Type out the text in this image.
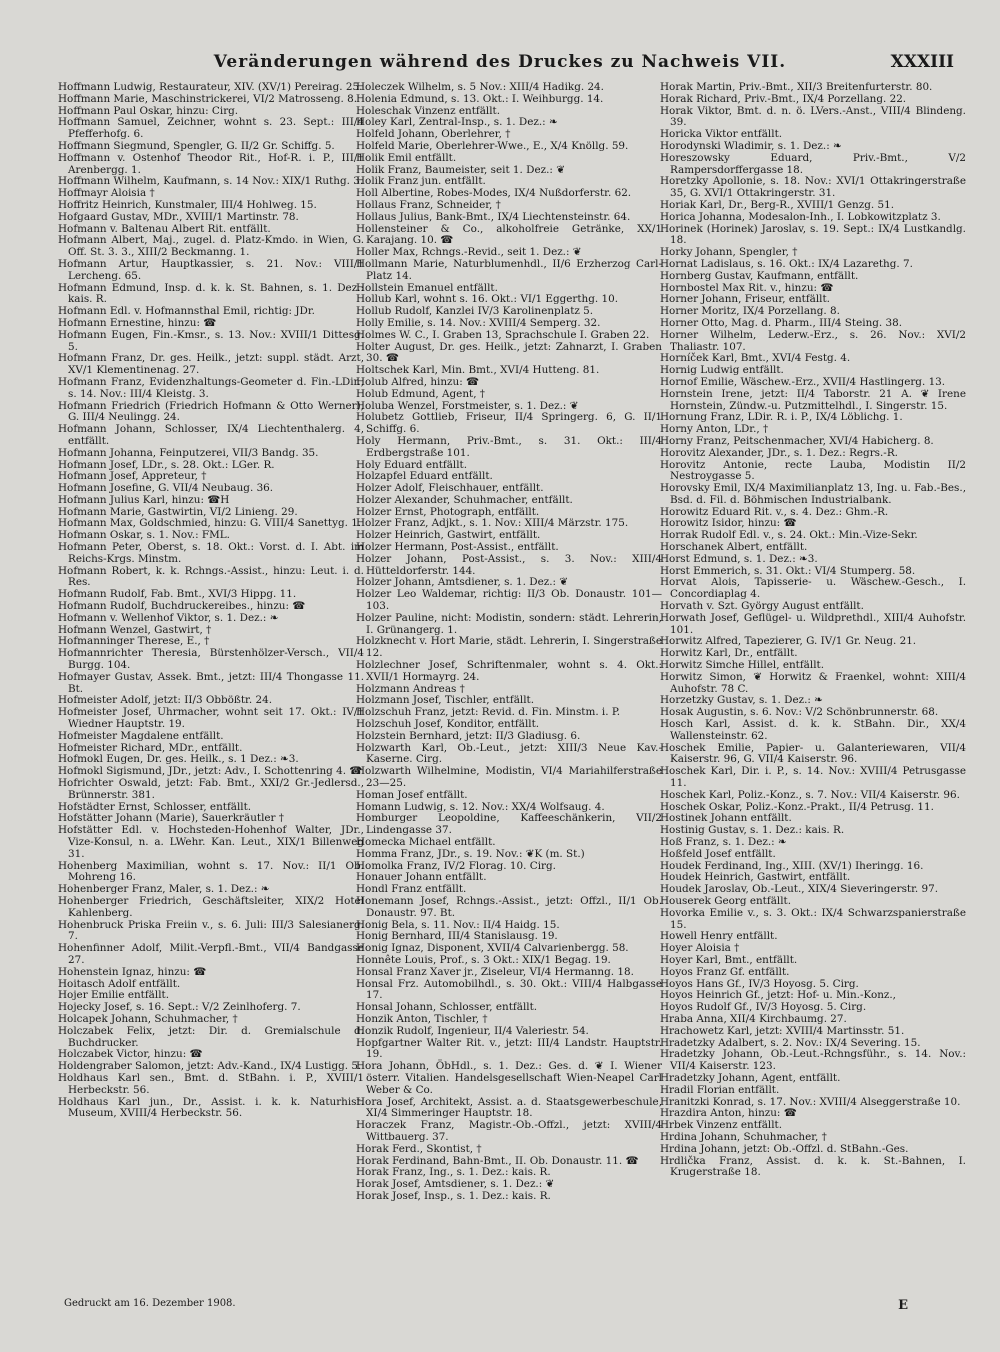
Veränderungen während des Druckes zu Nachweis VII.	XXXIII

Hoffmann Ludwig, Restaurateur, XIV. (XV/1) Pereirag. 25.

Hoffmann Marie, Maschinstrickerei, VI/2 Matrosseng. 8.

Hoffmann Paul Oskar, hinzu: Cirg.

Hoffmann Samuel, Zeichner, wohnt s. 23. Sept.: III/4 Pfefferhofg. 6.

Hoffmann Siegmund, Spengler, G. II/2 Gr. Schiffg. 5.

Hoffmann v. Ostenhof Theodor Rit., Hof-R. i. P., III/1 Arenbergg. 1.

Hoffmann Wilhelm, Kaufmann, s. 14 Nov.: XIX/1 Ruthg. 3.

Hoffmayr Aloisia †

Hoffritz Heinrich, Kunstmaler, III/4 Hohlweg. 15.

Hofgaard Gustav, MDr., XVIII/1 Martinstr. 78.

Hofmann v. Baltenau Albert Rit. entfällt.

Hofmann Albert, Maj., zugel. d. Platz-Kmdo. in Wien, G. Off. St. 3. 3., XIII/2 Beckmanng. 1.

Hofmann Artur, Hauptkassier, s. 21. Nov.: VIII/1 Lercheng. 65.

Hofmann Edmund, Insp. d. k. k. St. Bahnen, s. 1. Dez.: kais. R.

Hofmann Edl. v. Hofmannsthal Emil, richtig: JDr.

Hofmann Ernestine, hinzu: ☎

Hofmann Eugen, Fin.-Kmsr., s. 13. Nov.: XVIII/1 Dittesg. 5.

Hofmann Franz, Dr. ges. Heilk., jetzt: suppl. städt. Arzt, XV/1 Klementinenag. 27.

Hofmann Franz, Evidenzhaltungs-Geometer d. Fin.-LDir., s. 14. Nov.: III/4 Kleistg. 3.

Hofmann Friedrich (Friedrich Hofmann & Otto Werner), G. III/4 Neulingg. 24.

Hofmann Johann, Schlosser, IX/4 Liechtenthalerg. 4, entfällt.

Hofmann Johanna, Feinputzerei, VII/3 Bandg. 35.

Hofmann Josef, LDr., s. 28. Okt.: LGer. R.

Hofmann Josef, Appreteur, †

Hofmann Josefine, G. VII/4 Neubaug. 36.

Hofmann Julius Karl, hinzu: ☎H

Hofmann Marie, Gastwirtin, VI/2 Linieng. 29.

Hofmann Max, Goldschmied, hinzu: G. VIII/4 Sanettyg. 1.

Hofmann Oskar, s. 1. Nov.: FML.

Hofmann Peter, Oberst, s. 18. Okt.: Vorst. d. I. Abt. im Reichs-Krgs. Minstm.

Hofmann Robert, k. k. Rchngs.-Assist., hinzu: Leut. i. d. Res.

Hofmann Rudolf, Fab. Bmt., XVI/3 Hippg. 11.

Hofmann Rudolf, Buchdruckereibes., hinzu: ☎

Hofmann v. Wellenhof Viktor, s. 1. Dez.: ❧

Hofmann Wenzel, Gastwirt, †

Hofmanninger Therese, E., †

Hofmannrichter Theresia, Bürstenhölzer-Versch., VII/4 Burgg. 104.

Hofmayer Gustav, Assek. Bmt., jetzt: III/4 Thongasse 11. Bt.

Hofmeister Adolf, jetzt: II/3 Obbößtr. 24.

Hofmeister Josef, Uhrmacher, wohnt seit 17. Okt.: IV/1 Wiedner Hauptstr. 19.

Hofmeister Magdalene entfällt.

Hofmeister Richard, MDr., entfällt.

Hofmokl Eugen, Dr. ges. Heilk., s. 1 Dez.: ❧3.

Hofmokl Sigismund, JDr., jetzt: Adv., I. Schottenring 4. ☎

Hofrichter Oswald, jetzt: Fab. Bmt., XXI/2 Gr.-Jedlersd., Brünnerstr. 381.

Hofstädter Ernst, Schlosser, entfällt.

Hofstätter Johann (Marie), Sauerkräutler †

Hofstätter Edl. v. Hochsteden-Hohenhof Walter, JDr., Vize-Konsul, n. a. LWehr. Kan. Leut., XIX/1 Billenweg 31.

Hohenberg Maximilian, wohnt s. 17. Nov.: II/1 Ob. Mohreng 16.

Hohenberger Franz, Maler, s. 1. Dez.: ❧

Hohenberger Friedrich, Geschäftsleiter, XIX/2 Hotel Kahlenberg.

Hohenbruck Priska Freiin v., s. 6. Juli: III/3 Salesianerg. 7.

Hohenfinner Adolf, Milit.-Verpfl.-Bmt., VII/4 Bandgasse 27.

Hohenstein Ignaz, hinzu: ☎

Hoitasch Adolf entfällt.

Hojer Emilie entfällt.

Hojecky Josef, s. 16. Sept.: V/2 Zeinlhoferg. 7.

Holcapek Johann, Schuhmacher, †

Holczabek Felix, jetzt: Dir. d. Gremialschule d. Buchdrucker.

Holczabek Victor, hinzu: ☎

Holdengraber Salomon, jetzt: Adv.-Kand., IX/4 Lustigg. 5.

Holdhaus Karl sen., Bmt. d. StBahn. i. P., XVIII/1 Herbeckstr. 56.

Holdhaus Karl jun., Dr., Assist. i. k. k. Naturhist. Museum, XVIII/4 Herbeckstr. 56.

Holeczek Wilhelm, s. 5 Nov.: XIII/4 Hadikg. 24.

Holenia Edmund, s. 13. Okt.: I. Weihburgg. 14.

Holeschak Vinzenz entfällt.

Holey Karl, Zentral-Insp., s. 1. Dez.: ❧

Holfeld Johann, Oberlehrer, †

Holfeld Marie, Oberlehrer-Wwe., E., X/4 Knöllg. 59.

Holik Emil entfällt.

Holik Franz, Baumeister, seit 1. Dez.: ❦

Holik Franz jun. entfällt.

Holl Albertine, Robes-Modes, IX/4 Nußdorferstr. 62.

Hollaus Franz, Schneider, †

Hollaus Julius, Bank-Bmt., IX/4 Liechtensteinstr. 64.

Hollensteiner & Co., alkoholfreie Getränke, XX/1 Karajang. 10. ☎

Holler Max, Rchngs.-Revid., seit 1. Dez.: ❦

Hollmann Marie, Naturblumenhdl., II/6 Erzherzog Carl-Platz 14.

Hollstein Emanuel entfällt.

Hollub Karl, wohnt s. 16. Okt.: VI/1 Eggerthg. 10.

Hollub Rudolf, Kanzlei IV/3 Karolinenplatz 5.

Holly Emilie, s. 14. Nov.: XVIII/4 Semperg. 32.

Holmes W. C., I. Graben 13, Sprachschule I. Graben 22.

Holter August, Dr. ges. Heilk., jetzt: Zahnarzt, I. Graben 30. ☎

Holtschek Karl, Min. Bmt., XVI/4 Hutteng. 81.

Holub Alfred, hinzu: ☎

Holub Edmund, Agent, †

Holuba Wenzel, Forstmeister, s. 1. Dez.: ❦

Holubetz Gottlieb, Friseur, II/4 Springerg. 6, G. II/1 Schiffg. 6.

Holy Hermann, Priv.-Bmt., s. 31. Okt.: III/4 Erdbergstraße 101.

Holy Eduard entfällt.

Holzapfel Eduard entfällt.

Holzer Adolf, Fleischhauer, entfällt.

Holzer Alexander, Schuhmacher, entfällt.

Holzer Ernst, Photograph, entfällt.

Holzer Franz, Adjkt., s. 1. Nov.: XIII/4 Märzstr. 175.

Holzer Heinrich, Gastwirt, entfällt.

Holzer Hermann, Post-Assist., entfällt.

Holzer Johann, Post-Assist., s. 3. Nov.: XIII/4 Hütteldorferstr. 144.

Holzer Johann, Amtsdiener, s. 1. Dez.: ❦

Holzer Leo Waldemar, richtig: II/3 Ob. Donaustr. 101—103.

Holzer Pauline, nicht: Modistin, sondern: städt. Lehrerin, I. Grünangerg. 1.

Holzknecht v. Hort Marie, städt. Lehrerin, I. Singerstraße 12.

Holzlechner Josef, Schriftenmaler, wohnt s. 4. Okt.: XVII/1 Hormayrg. 24.

Holzmann Andreas †

Holzmann Josef, Tischler, entfällt.

Holzschuh Franz, jetzt: Revid. d. Fin. Minstm. i. P.

Holzschuh Josef, Konditor, entfällt.

Holzstein Bernhard, jetzt: II/3 Gladiusg. 6.

Holzwarth Karl, Ob.-Leut., jetzt: XIII/3 Neue Kav.-Kaserne. Cirg.

Holzwarth Wilhelmine, Modistin, VI/4 Mariahilferstraße 23—25.

Homan Josef entfällt.

Homann Ludwig, s. 12. Nov.: XX/4 Wolfsaug. 4.

Homburger Leopoldine, Kaffeeschänkerin, VII/2 Lindengasse 37.

Homecka Michael entfällt.

Homma Franz, JDr., s. 19. Nov.: ❦K (m. St.)

Homolka Franz, IV/2 Florag. 10. Cirg.

Honauer Johann entfällt.

Hondl Franz entfällt.

Honemann Josef, Rchngs.-Assist., jetzt: Offzl., II/1 Ob. Donaustr. 97. Bt.

Honig Bela, s. 11. Nov.: II/4 Haidg. 15.

Honig Bernhard, III/4 Stanislausg. 19.

Honig Ignaz, Disponent, XVII/4 Calvarienbergg. 58.

Honnête Louis, Prof., s. 3 Okt.: XIX/1 Begag. 19.

Honsal Franz Xaver jr., Ziseleur, VI/4 Hermanng. 18.

Honsal Frz. Automobilhdl., s. 30. Okt.: VIII/4 Halbgasse 17.

Honsal Johann, Schlosser, entfällt.

Honzik Anton, Tischler, †

Honzik Rudolf, Ingenieur, II/4 Valeriestr. 54.

Hopfgartner Walter Rit. v., jetzt: III/4 Landstr. Hauptstr. 19.

Hora Johann, ÖbHdl., s. 1. Dez.: Ges. d. ❦ I. Wiener österr. Vitalien. Handelsgesellschaft Wien-Neapel Carl Weber & Co.

Hora Josef, Architekt, Assist. a. d. Staatsgewerbeschule, XI/4 Simmeringer Hauptstr. 18.

Horaczek Franz, Magistr.-Ob.-Offzl., jetzt: XVIII/4 Wittbauerg. 37.

Horak Ferd., Skontist, †

Horak Ferdinand, Bahn-Bmt., II. Ob. Donaustr. 11. ☎

Horak Franz, Ing., s. 1. Dez.: kais. R.

Horak Josef, Amtsdiener, s. 1. Dez.: ❦

Horak Josef, Insp., s. 1. Dez.: kais. R.

Horak Martin, Priv.-Bmt., XII/3 Breitenfurterstr. 80.

Horak Richard, Priv.-Bmt., IX/4 Porzellang. 22.

Horak Viktor, Bmt. d. n. ö. LVers.-Anst., VIII/4 Blindeng. 39.

Horicka Viktor entfällt.

Horodynski Wladimir, s. 1. Dez.: ❧

Horeszowsky Eduard, Priv.-Bmt., V/2 Rampersdorffergasse 18.

Horetzky Apollonie, s. 18. Nov.: XVI/1 Ottakringerstraße 35, G. XVI/1 Ottakringerstr. 31.

Horiak Karl, Dr., Berg-R., XVIII/1 Genzg. 51.

Horica Johanna, Modesalon-Inh., I. Lobkowitzplatz 3.

Horinek (Horinek) Jaroslav, s. 19. Sept.: IX/4 Lustkandlg. 18.

Horky Johann, Spengler, †

Hornat Ladislaus, s. 16. Okt.: IX/4 Lazarethg. 7.

Hornberg Gustav, Kaufmann, entfällt.

Hornbostel Max Rit. v., hinzu: ☎

Horner Johann, Friseur, entfällt.

Horner Moritz, IX/4 Porzellang. 8.

Horner Otto, Mag. d. Pharm., III/4 Steing. 38.

Horner Wilhelm, Lederw.-Erz., s. 26. Nov.: XVI/2 Thaliastr. 107.

Horníček Karl, Bmt., XVI/4 Festg. 4.

Hornig Ludwig entfällt.

Hornof Emilie, Wäschew.-Erz., XVII/4 Hastlingerg. 13.

Hornstein Irene, jetzt: II/4 Taborstr. 21 A. ❦ Irene Hornstein, Zündw.-u. Putzmittelhdl., I. Singerstr. 15.

Hornung Franz, LDir. R. i. P., IX/4 Löblichg. 1.

Horny Anton, LDr., †

Horny Franz, Peitschenmacher, XVI/4 Habicherg. 8.

Horovitz Alexander, JDr., s. 1. Dez.: Regrs.-R.

Horovitz Antonie, recte Lauba, Modistin II/2 Nestroygasse 5.

Horovsky Emil, IX/4 Maximilianplatz 13, Ing. u. Fab.-Bes., Bsd. d. Fil. d. Böhmischen Industrialbank.

Horowitz Eduard Rit. v., s. 4. Dez.: Ghm.-R.

Horowitz Isidor, hinzu: ☎

Horrak Rudolf Edl. v., s. 24. Okt.: Min.-Vize-Sekr.

Horschanek Albert, entfällt.

Horst Edmund, s. 1. Dez.: ❧3.

Horst Emmerich, s. 31. Okt.: VI/4 Stumperg. 58.

Horvat Alois, Tapisserie- u. Wäschew.-Gesch., I. Concordiaplag 4.

Horvath v. Szt. György August entfällt.

Horwath Josef, Geflügel- u. Wildprethdl., XIII/4 Auhofstr. 101.

Horwitz Alfred, Tapezierer, G. IV/1 Gr. Neug. 21.

Horwitz Karl, Dr., entfällt.

Horwitz Simche Hillel, entfällt.

Horwitz Simon, ❦ Horwitz & Fraenkel, wohnt: XIII/4 Auhofstr. 78 C.

Horzetzky Gustav, s. 1. Dez.: ❧

Hosak Augustin, s. 6. Nov.: V/2 Schönbrunnerstr. 68.

Hosch Karl, Assist. d. k. k. StBahn. Dir., XX/4 Wallensteinstr. 62.

Hoschek Emilie, Papier- u. Galanteriewaren, VII/4 Kaiserstr. 96, G. VII/4 Kaiserstr. 96.

Hoschek Karl, Dir. i. P., s. 14. Nov.: XVIII/4 Petrusgasse 11.

Hoschek Karl, Poliz.-Konz., s. 7. Nov.: VII/4 Kaiserstr. 96.

Hoschek Oskar, Poliz.-Konz.-Prakt., II/4 Petrusg. 11.

Hostinek Johann entfällt.

Hostinig Gustav, s. 1. Dez.: kais. R.

Hoß Franz, s. 1. Dez.: ❧

Hoßfeld Josef entfällt.

Houdek Ferdinand, Ing., XIII. (XV/1) Iheringg. 16.

Houdek Heinrich, Gastwirt, entfällt.

Houdek Jaroslav, Ob.-Leut., XIX/4 Sieveringerstr. 97.

Houserek Georg entfällt.

Hovorka Emilie v., s. 3. Okt.: IX/4 Schwarzspanierstraße 15.

Howell Henry entfällt.

Hoyer Aloisia †

Hoyer Karl, Bmt., entfällt.

Hoyos Franz Gf. entfällt.

Hoyos Hans Gf., IV/3 Hoyosg. 5. Cirg.

Hoyos Heinrich Gf., jetzt: Hof- u. Min.-Konz.,

Hoyos Rudolf Gf., IV/3 Hoyosg. 5. Cirg.

Hraba Anna, XII/4 Kirchbaumg. 27.

Hrachowetz Karl, jetzt: XVIII/4 Martinsstr. 51.

Hradetzky Adalbert, s. 2. Nov.: IX/4 Severing. 15.

Hradetzky Johann, Ob.-Leut.-Rchngsführ., s. 14. Nov.: VII/4 Kaiserstr. 123.

Hradetzky Johann, Agent, entfällt.

Hradil Florian entfällt.

Hranitzki Konrad, s. 17. Nov.: XVIII/4 Alseggerstraße 10.

Hrazdira Anton, hinzu: ☎

Hrbek Vinzenz entfällt.

Hrdina Johann, Schuhmacher, †

Hrdina Johann, jetzt: Ob.-Offzl. d. StBahn.-Ges.

Hrdlička Franz, Assist. d. k. k. St.-Bahnen, I. Krugerstraße 18.

Gedruckt am 16. Dezember 1908.	E
